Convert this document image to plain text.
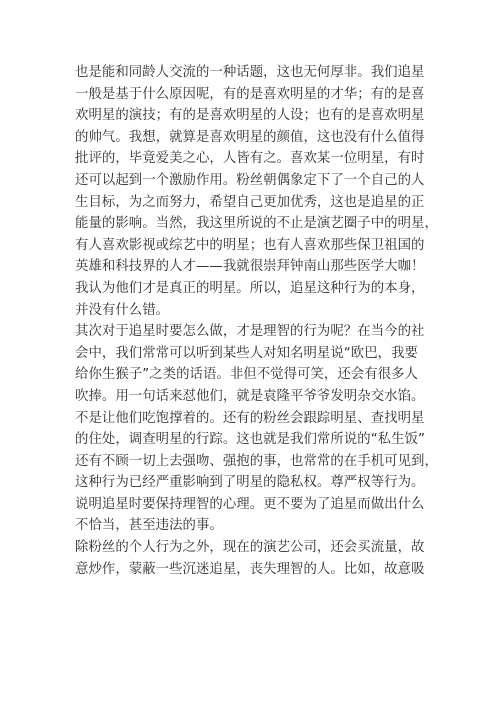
也是能和同龄人交流的一种话题，这也无何厚非。我们追星
一般是基于什么原因呢，有的是喜欢明星的才华；有的是喜
欢明星的演技；有的是喜欢明星的人设；也有的是喜欢明星
的帅气。我想，就算是喜欢明星的颜值，这也没有什么值得
批评的，毕竟爱美之心，人皆有之。喜欢某一位明星，有时
还可以起到一个激励作用。粉丝朝偶象定下了一个自己的人
生目标，为之而努力，希望自己更加优秀，这也是追星的正
能量的影响。当然，我这里所说的不止是演艺圈子中的明星，
有人喜欢影视或综艺中的明星；也有人喜欢那些保卫祖国的
英雄和科技界的人才——我就很崇拜钟南山那些医学大咖！
我认为他们才是真正的明星。所以，追星这种行为的本身，
并没有什么错。
其次对于追星时要怎么做，才是理智的行为呢？在当今的社
会中，我们常常可以听到某些人对知名明星说“欧巴，我要
给你生猴子”之类的话语。非但不觉得可笑，还会有很多人
吹捧。用一句话来怼他们，就是袁隆平爷爷发明杂交水馅。
不是让他们吃饱撑着的。还有的粉丝会跟踪明星、查找明星
的住处，调查明星的行踪。这也就是我们常所说的“私生饭”
还有不顾一切上去强吻、强抱的事，也常常的在手机可见到，
这种行为已经严重影响到了明星的隐私权。尊严权等行为。
说明追星时要保持理智的心理。更不要为了追星而做出什么
不恰当，甚至违法的事。
除粉丝的个人行为之外，现在的演艺公司，还会买流量，故
意炒作，蒙蔽一些沉迷追星，丧失理智的人。比如，故意吸
